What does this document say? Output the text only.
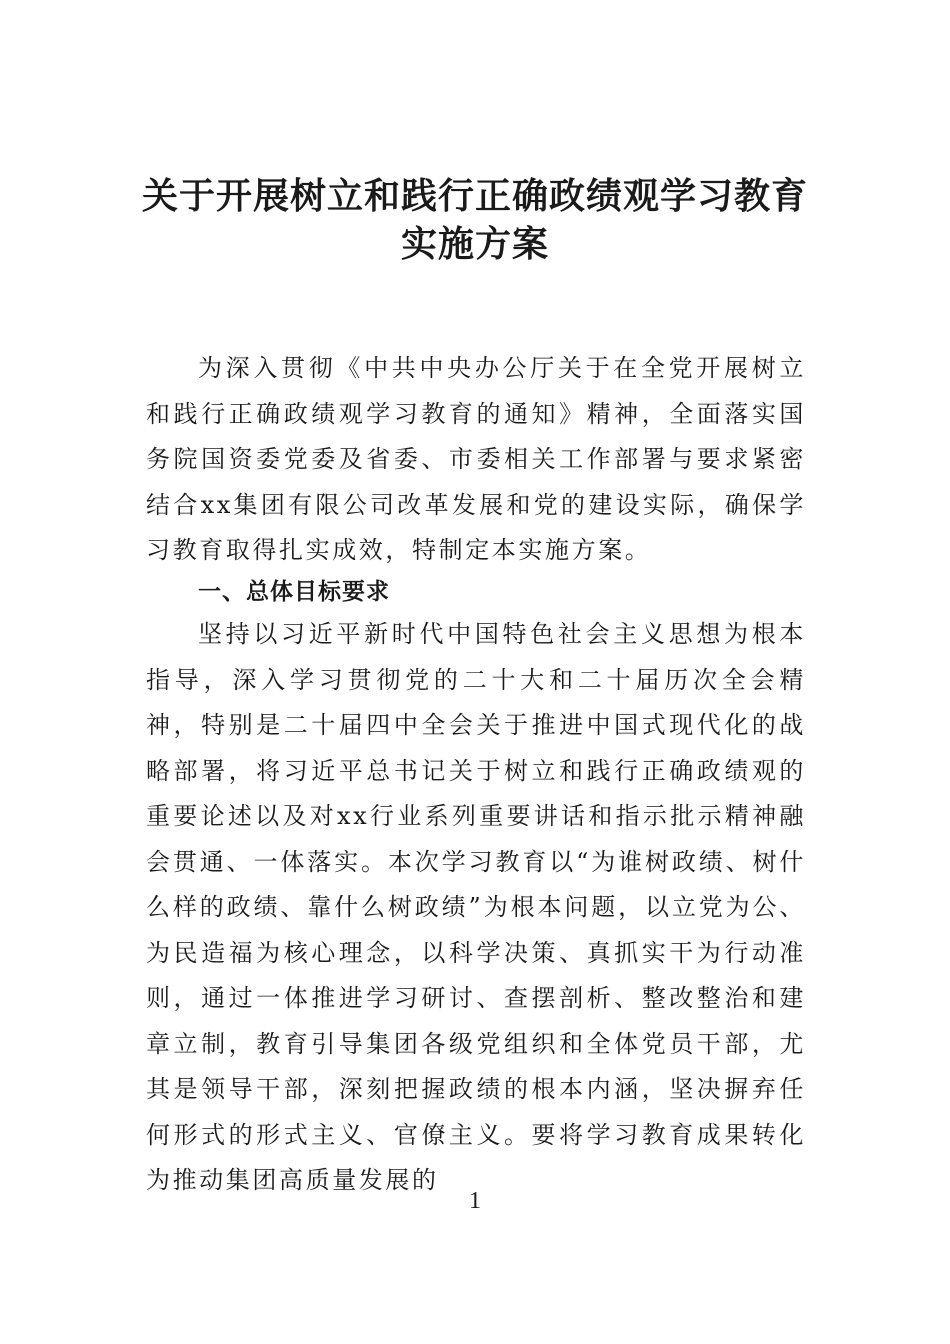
关于开展树立和践行正确政绩观学习教育
实施方案

为深入贯彻《中共中央办公厅关于在全党开展树立和践行正确政绩观学习教育的通知》精神，全面落实国务院国资委党委及省委、市委相关工作部署与要求紧密结合xx集团有限公司改革发展和党的建设实际，确保学习教育取得扎实成效，特制定本实施方案。

一、总体目标要求

坚持以习近平新时代中国特色社会主义思想为根本指导，深入学习贯彻党的二十大和二十届历次全会精神，特别是二十届四中全会关于推进中国式现代化的战略部署，将习近平总书记关于树立和践行正确政绩观的重要论述以及对xx行业系列重要讲话和指示批示精神融会贯通、一体落实。本次学习教育以“为谁树政绩、树什么样的政绩、靠什么树政绩”为根本问题，以立党为公、为民造福为核心理念，以科学决策、真抓实干为行动准则，通过一体推进学习研讨、查摆剖析、整改整治和建章立制，教育引导集团各级党组织和全体党员干部，尤其是领导干部，深刻把握政绩的根本内涵，坚决摒弃任何形式的形式主义、官僚主义。要将学习教育成果转化为推动集团高质量发展的

1
